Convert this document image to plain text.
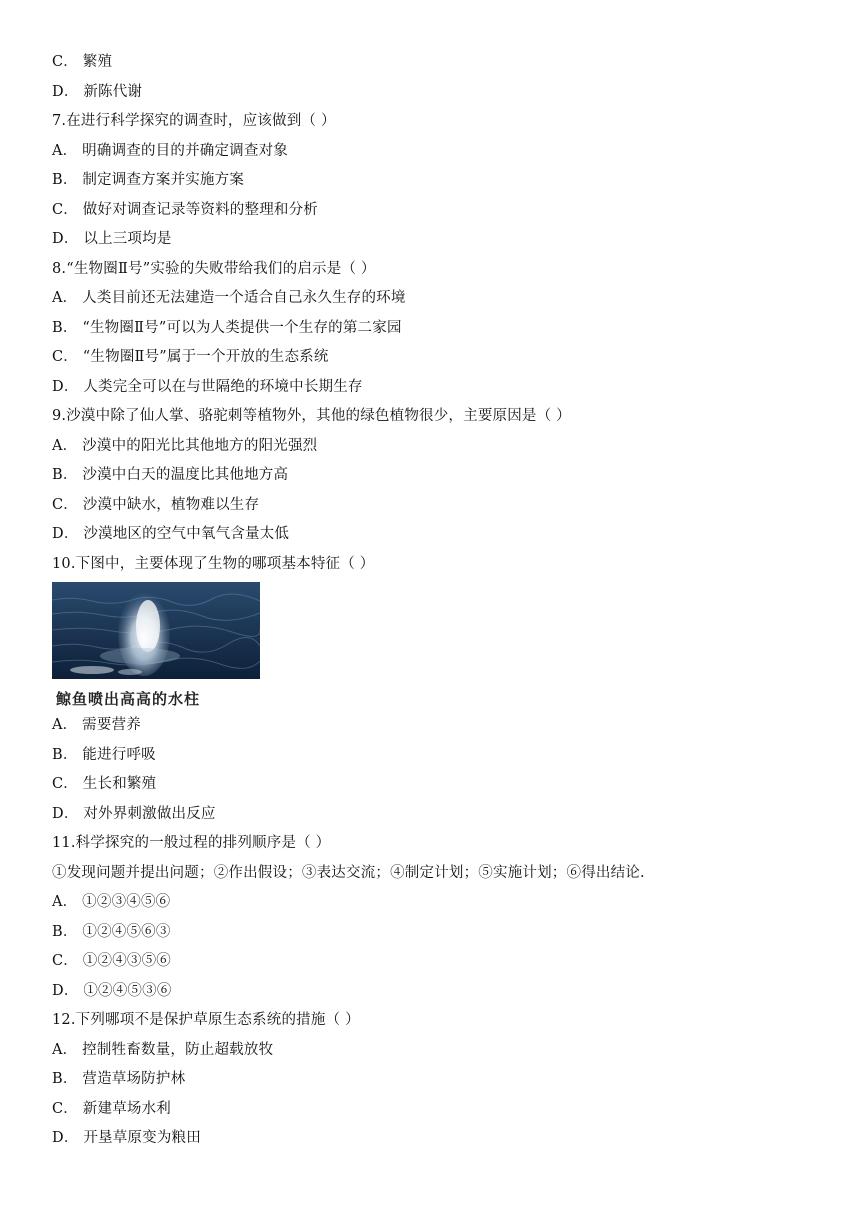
C． 繁殖
D． 新陈代谢
7.在进行科学探究的调查时，应该做到（ ）
A． 明确调查的目的并确定调查对象
B． 制定调查方案并实施方案
C． 做好对调查记录等资料的整理和分析
D． 以上三项均是
8.“生物圈Ⅱ号”实验的失败带给我们的启示是（ ）
A． 人类目前还无法建造一个适合自己永久生存的环境
B． “生物圈Ⅱ号”可以为人类提供一个生存的第二家园
C． “生物圈Ⅱ号”属于一个开放的生态系统
D． 人类完全可以在与世隔绝的环境中长期生存
9.沙漠中除了仙人掌、骆驼刺等植物外，其他的绿色植物很少，主要原因是（ ）
A． 沙漠中的阳光比其他地方的阳光强烈
B． 沙漠中白天的温度比其他地方高
C． 沙漠中缺水，植物难以生存
D． 沙漠地区的空气中氧气含量太低
10.下图中，主要体现了生物的哪项基本特征（ ）
鲸鱼喷出高高的水柱
A． 需要营养
B． 能进行呼吸
C． 生长和繁殖
D． 对外界刺激做出反应
11.科学探究的一般过程的排列顺序是（ ）
①发现问题并提出问题；②作出假设；③表达交流；④制定计划；⑤实施计划；⑥得出结论.
A． ①②③④⑤⑥
B． ①②④⑤⑥③
C． ①②④③⑤⑥
D． ①②④⑤③⑥
12.下列哪项不是保护草原生态系统的措施（ ）
A． 控制牲畜数量，防止超载放牧
B． 营造草场防护林
C． 新建草场水利
D． 开垦草原变为粮田
